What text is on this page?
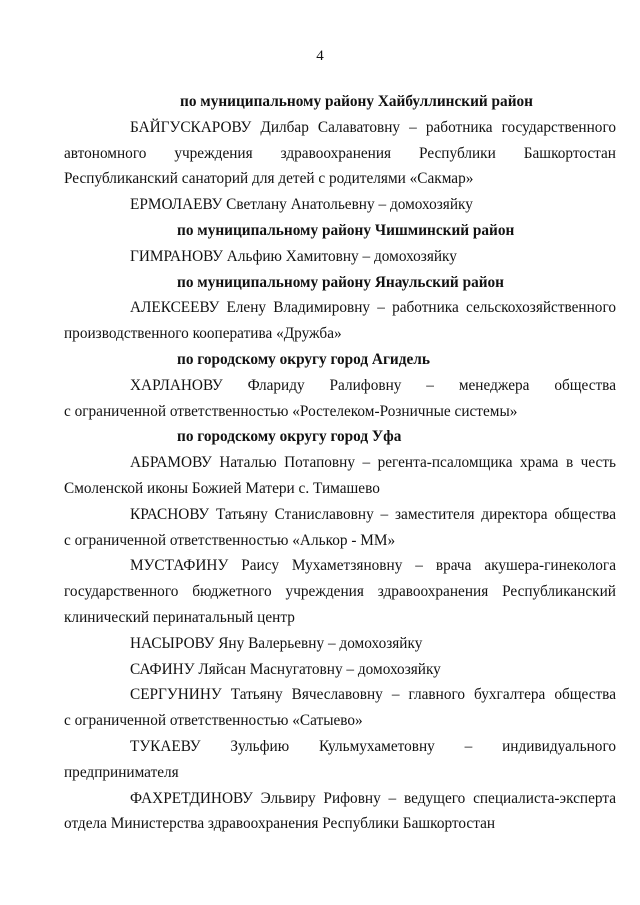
4
по муниципальному району Хайбуллинский район
БАЙГУСКАРОВУ Дилбар Салаватовну – работника государственного
автономного учреждения здравоохранения Республики Башкортостан
Республиканский санаторий для детей с родителями «Сакмар»
ЕРМОЛАЕВУ Светлану Анатольевну – домохозяйку
по муниципальному району Чишминский район
ГИМРАНОВУ Альфию Хамитовну – домохозяйку
по муниципальному району Янаульский район
АЛЕКСЕЕВУ Елену Владимировну – работника сельскохозяйственного
производственного кооператива «Дружба»
по городскому округу город Агидель
ХАРЛАНОВУ Флариду Ралифовну – менеджера общества
с ограниченной ответственностью «Ростелеком-Розничные системы»
по городскому округу город Уфа
АБРАМОВУ Наталью Потаповну – регента-псаломщика храма в честь
Смоленской иконы Божией Матери с. Тимашево
КРАСНОВУ Татьяну Станиславовну – заместителя директора общества
с ограниченной ответственностью «Алькор - ММ»
МУСТАФИНУ Раису Мухаметзяновну – врача акушера-гинеколога
государственного бюджетного учреждения здравоохранения Республиканский
клинический перинатальный центр
НАСЫРОВУ Яну Валерьевну – домохозяйку
САФИНУ Ляйсан Маснугатовну – домохозяйку
СЕРГУНИНУ Татьяну Вячеславовну – главного бухгалтера общества
с ограниченной ответственностью «Сатыево»
ТУКАЕВУ Зульфию Кульмухаметовну – индивидуального
предпринимателя
ФАХРЕТДИНОВУ Эльвиру Рифовну – ведущего специалиста-эксперта
отдела Министерства здравоохранения Республики Башкортостан
